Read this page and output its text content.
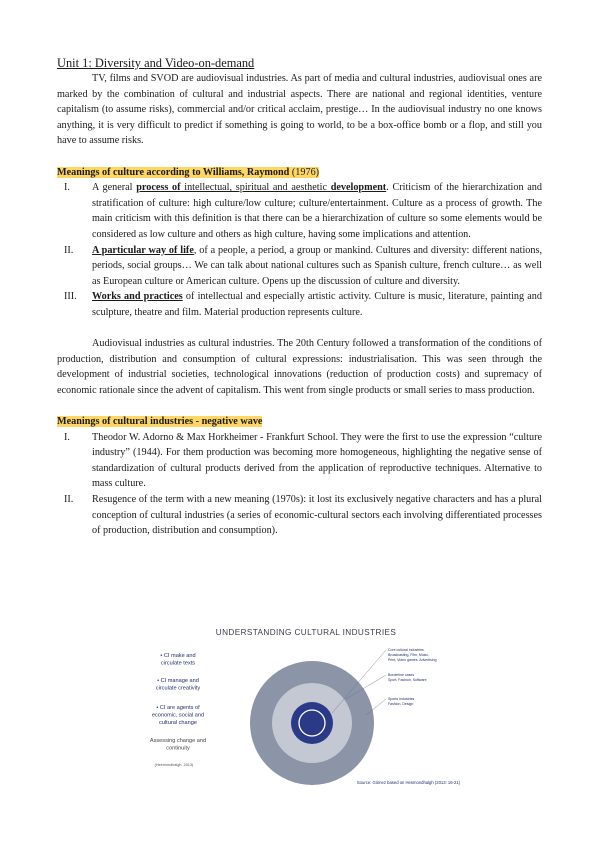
Unit 1: Diversity and Video-on-demand

TV, films and SVOD are audiovisual industries. As part of media and cultural industries, audiovisual ones are marked by the combination of cultural and industrial aspects. There are national and regional identities, venture capitalism (to assume risks), commercial and/or critical acclaim, prestige… In the audiovisual industry no one knows anything, it is very difficult to predict if something is going to world, to be a box-office bomb or a flop, and still you have to assume risks.

Meanings of culture according to Williams, Raymond (1976)

I.	A general process of intellectual, spiritual and aesthetic development. Criticism of the hierarchization and stratification of culture: high culture/low culture; culture/entertainment. Culture as a process of growth. The main criticism with this definition is that there can be a hierarchization of culture so some elements would be considered as low culture and others as high culture, having some implications and attention.
II.	A particular way of life, of a people, a period, a group or mankind. Cultures and diversity: different nations, periods, social groups… We can talk about national cultures such as Spanish culture, french culture… as well as European culture or American culture. Opens up the discussion of culture and diversity.
III.	Works and practices of intellectual and especially artistic activity. Culture is music, literature, painting and sculpture, theatre and film. Material production represents culture.

Audiovisual industries as cultural industries. The 20th Century followed a transformation of the conditions of production, distribution and consumption of cultural expressions: industrialisation. This was seen through the development of industrial societies, technological innovations (reduction of production costs) and supremacy of economic rationale since the advent of capitalism. This went from single products or small series to mass production.

Meanings of cultural industries - negative wave

I.	Theodor W. Adorno & Max Horkheimer - Frankfurt School. They were the first to use the expression “culture industry” (1944). For them production was becoming more homogeneous, highlighting the negative sense of standardization of cultural products derived from the application of reproductive techniques. Alternative to mass culture.
II.	Resugence of the term with a new meaning (1970s): it lost its exclusively negative characters and has a plural conception of cultural industries (a series of economic-cultural sectors each involving differentiated processes of production, distribution and consumption).
UNDERSTANDING CULTURAL INDUSTRIES
• CI make and
circulate texts
• CI manage and
circulate creativity
• CI are agents of
economic, social and
cultural change
Assessing change and
continuity
(Hesmondhalgh, 2013)
Core cultural industries
Broadcasting, Film, Music,
Print, Video games, Advertising
Borderline cases
Sport, Fashion, Software
Sports Industries
Fashion, Design
Source: Gómez based on Hesmondhalgh (2013: 16-21)
